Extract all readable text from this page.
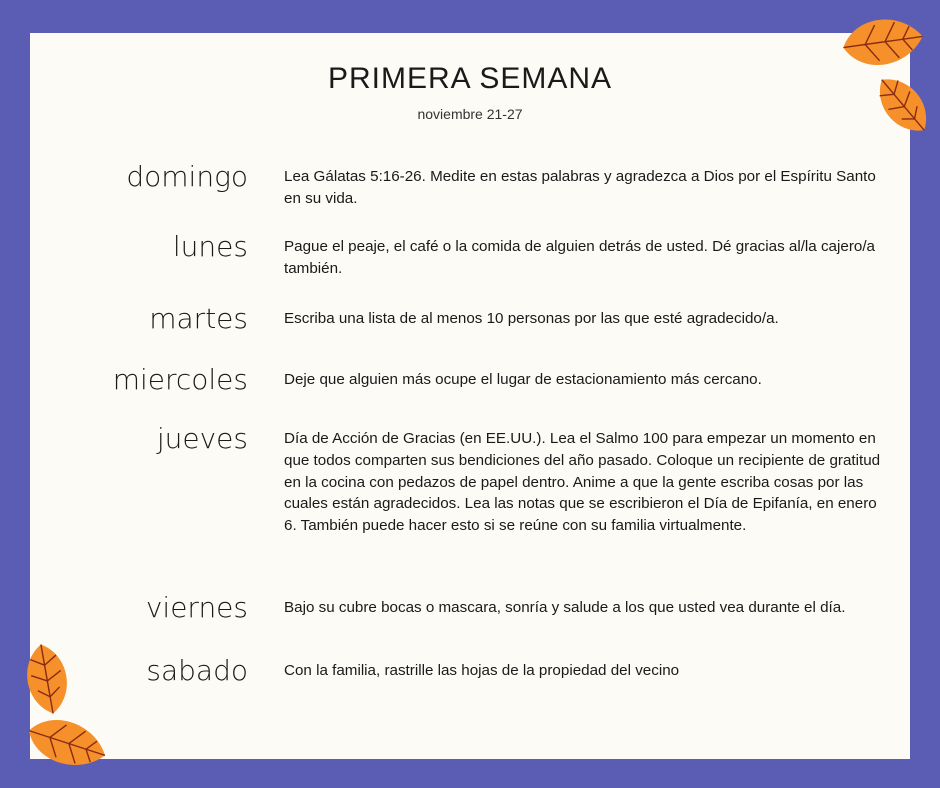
PRIMERA SEMANA
noviembre 21-27
domingo Lea Gálatas 5:16-26. Medite en estas palabras y agradezca a Dios por el Espíritu Santo en su vida.
lunes Pague el peaje, el café o la comida de alguien detrás de usted. Dé gracias al/la cajero/a también.
martes Escriba una lista de al menos 10 personas por las que esté agradecido/a.
miercoles Deje que alguien más ocupe el lugar de estacionamiento más cercano.
jueves Día de Acción de Gracias (en EE.UU.). Lea el Salmo 100 para empezar un momento en que todos comparten sus bendiciones del año pasado. Coloque un recipiente de gratitud en la cocina con pedazos de papel dentro. Anime a que la gente escriba cosas por las cuales están agradecidos. Lea las notas que se escribieron el Día de Epifanía, en enero 6. También puede hacer esto si se reúne con su familia virtualmente.
viernes Bajo su cubre bocas o mascara, sonría y salude a los que usted vea durante el día.
sabado Con la familia, rastrille las hojas de la propiedad del vecino
